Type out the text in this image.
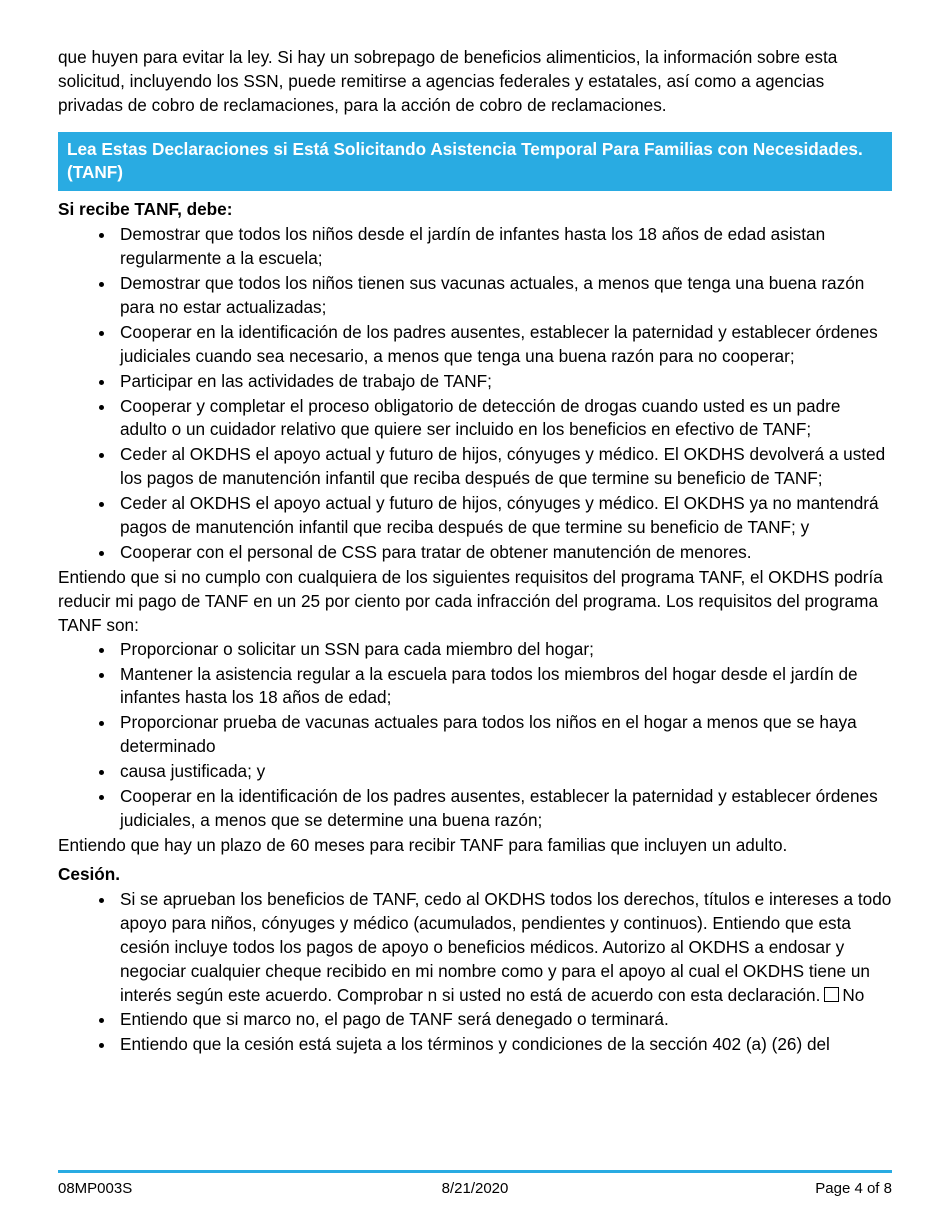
que huyen para evitar la ley. Si hay un sobrepago de beneficios alimenticios, la información sobre esta solicitud, incluyendo los SSN, puede remitirse a agencias federales y estatales, así como a agencias privadas de cobro de reclamaciones, para la acción de cobro de reclamaciones.

Lea Estas Declaraciones si Está Solicitando Asistencia Temporal Para Familias con Necesidades. (TANF)
Si recibe TANF, debe:
• Demostrar que todos los niños desde el jardín de infantes hasta los 18 años de edad asistan regularmente a la escuela;
• Demostrar que todos los niños tienen sus vacunas actuales, a menos que tenga una buena razón para no estar actualizadas;
• Cooperar en la identificación de los padres ausentes, establecer la paternidad y establecer órdenes judiciales cuando sea necesario, a menos que tenga una buena razón para no cooperar;
• Participar en las actividades de trabajo de TANF;
• Cooperar y completar el proceso obligatorio de detección de drogas cuando usted es un padre adulto o un cuidador relativo que quiere ser incluido en los beneficios en efectivo de TANF;
• Ceder al OKDHS el apoyo actual y futuro de hijos, cónyuges y médico. El OKDHS devolverá a usted los pagos de manutención infantil que reciba después de que termine su beneficio de TANF;
• Ceder al OKDHS el apoyo actual y futuro de hijos, cónyuges y médico. El OKDHS ya no mantendrá pagos de manutención infantil que reciba después de que termine su beneficio de TANF; y
• Cooperar con el personal de CSS para tratar de obtener manutención de menores.

Entiendo que si no cumplo con cualquiera de los siguientes requisitos del programa TANF, el OKDHS podría reducir mi pago de TANF en un 25 por ciento por cada infracción del programa. Los requisitos del programa TANF son:

• Proporcionar o solicitar un SSN para cada miembro del hogar;
• Mantener la asistencia regular a la escuela para todos los miembros del hogar desde el jardín de infantes hasta los 18 años de edad;
• Proporcionar prueba de vacunas actuales para todos los niños en el hogar a menos que se haya determinado
• causa justificada; y
• Cooperar en la identificación de los padres ausentes, establecer la paternidad y establecer órdenes judiciales, a menos que se determine una buena razón;

Entiendo que hay un plazo de 60 meses para recibir TANF para familias que incluyen un adulto.

Cesión.
• Si se aprueban los beneficios de TANF, cedo al OKDHS todos los derechos, títulos e intereses a todo apoyo para niños, cónyuges y médico (acumulados, pendientes y continuos). Entiendo que esta cesión incluye todos los pagos de apoyo o beneficios médicos. Autorizo al OKDHS a endosar y negociar cualquier cheque recibido en mi nombre como y para el apoyo al cual el OKDHS tiene un interés según este acuerdo. Comprobar n si usted no está de acuerdo con esta declaración. No
• Entiendo que si marco no, el pago de TANF será denegado o terminará.
• Entiendo que la cesión está sujeta a los términos y condiciones de la sección 402 (a) (26) del
08MP003S	8/21/2020	Page 4 of 8
